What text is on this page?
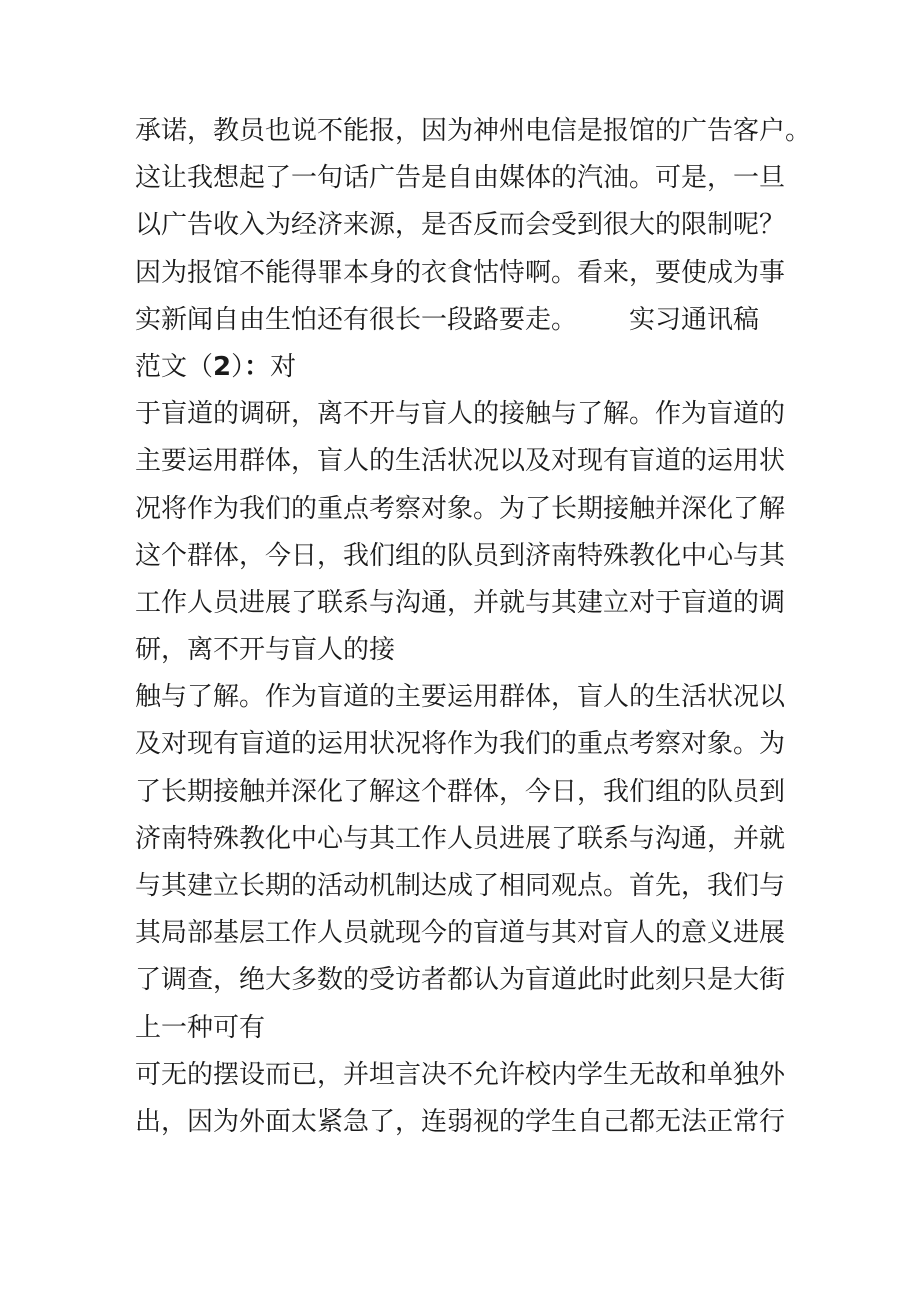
承诺，教员也说不能报，因为神州电信是报馆的广告客户。
这让我想起了一句话广告是自由媒体的汽油。可是，一旦
以广告收入为经济来源，是否反而会受到很大的限制呢？
因为报馆不能得罪本身的衣食怙恃啊。看来，要使成为事
实新闻自由生怕还有很长一段路要走。 实习通讯稿
范文（2）：对
于盲道的调研，离不开与盲人的接触与了解。作为盲道的
主要运用群体，盲人的生活状况以及对现有盲道的运用状
况将作为我们的重点考察对象。为了长期接触并深化了解
这个群体，今日，我们组的队员到济南特殊教化中心与其
工作人员进展了联系与沟通，并就与其建立对于盲道的调
研，离不开与盲人的接
触与了解。作为盲道的主要运用群体，盲人的生活状况以
及对现有盲道的运用状况将作为我们的重点考察对象。为
了长期接触并深化了解这个群体，今日，我们组的队员到
济南特殊教化中心与其工作人员进展了联系与沟通，并就
与其建立长期的活动机制达成了相同观点。首先，我们与
其局部基层工作人员就现今的盲道与其对盲人的意义进展
了调查，绝大多数的受访者都认为盲道此时此刻只是大街
上一种可有
可无的摆设而已，并坦言决不允许校内学生无故和单独外
出，因为外面太紧急了，连弱视的学生自己都无法正常行
